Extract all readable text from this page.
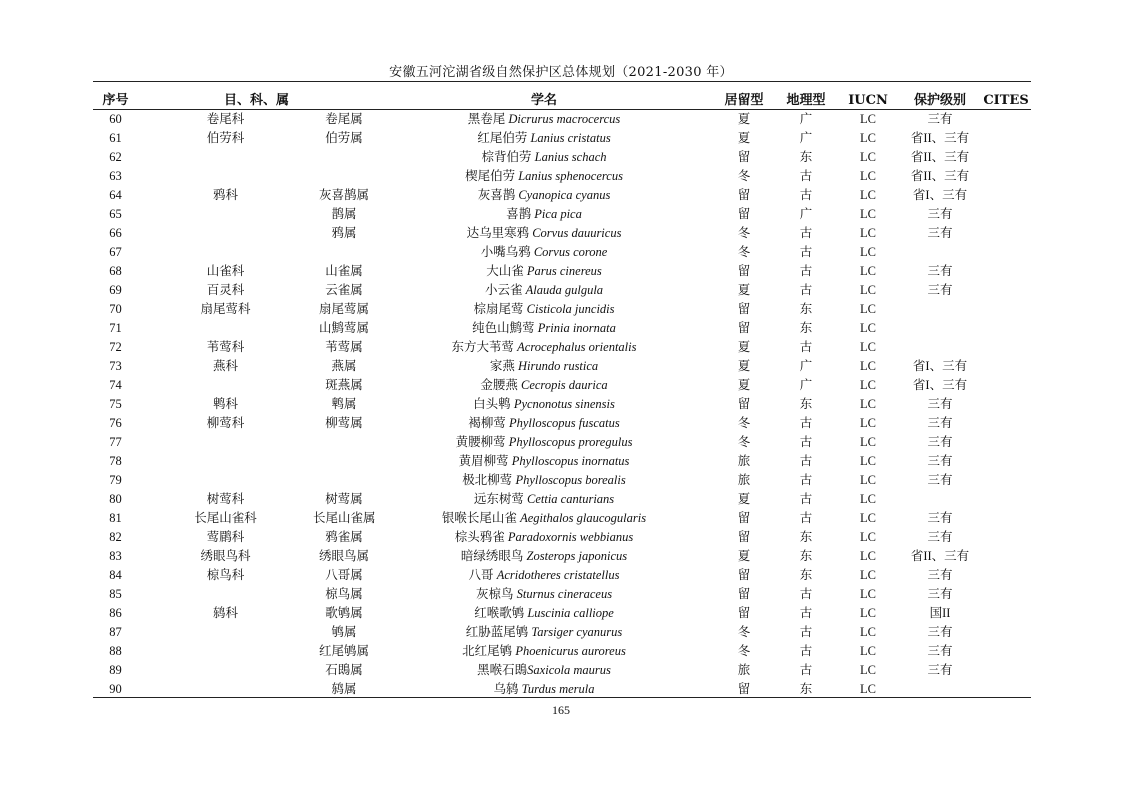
安徽五河沱湖省级自然保护区总体规划（2021-2030 年）
序号	目、科、属		学名	居留型	地理型	IUCN	保护级别	CITES
60	卷尾科	卷尾属	黑卷尾 Dicrurus macrocercus	夏	广	LC	三有	
61	伯劳科	伯劳属	红尾伯劳 Lanius cristatus	夏	广	LC	省II、三有	
62			棕背伯劳 Lanius schach	留	东	LC	省II、三有	
63			楔尾伯劳 Lanius sphenocercus	冬	古	LC	省II、三有	
64	鸦科	灰喜鹊属	灰喜鹊 Cyanopica cyanus	留	古	LC	省I、三有	
65		鹊属	喜鹊 Pica pica	留	广	LC	三有	
66		鸦属	达乌里寒鸦 Corvus dauuricus	冬	古	LC	三有	
67			小嘴乌鸦 Corvus corone	冬	古	LC		
68	山雀科	山雀属	大山雀 Parus cinereus	留	古	LC	三有	
69	百灵科	云雀属	小云雀 Alauda gulgula	夏	古	LC	三有	
70	扇尾莺科	扇尾莺属	棕扇尾莺 Cisticola juncidis	留	东	LC		
71		山鹪莺属	纯色山鹪莺 Prinia inornata	留	东	LC		
72	苇莺科	苇莺属	东方大苇莺 Acrocephalus orientalis	夏	古	LC		
73	燕科	燕属	家燕 Hirundo rustica	夏	广	LC	省I、三有	
74		斑燕属	金腰燕 Cecropis daurica	夏	广	LC	省I、三有	
75	鹎科	鹎属	白头鹎 Pycnonotus sinensis	留	东	LC	三有	
76	柳莺科	柳莺属	褐柳莺 Phylloscopus fuscatus	冬	古	LC	三有	
77			黄腰柳莺 Phylloscopus proregulus	冬	古	LC	三有	
78			黄眉柳莺 Phylloscopus inornatus	旅	古	LC	三有	
79			极北柳莺 Phylloscopus borealis	旅	古	LC	三有	
80	树莺科	树莺属	远东树莺 Cettia canturians	夏	古	LC		
81	长尾山雀科	长尾山雀属	银喉长尾山雀 Aegithalos glaucogularis	留	古	LC	三有	
82	莺鹛科	鸦雀属	棕头鸦雀 Paradoxornis webbianus	留	东	LC	三有	
83	绣眼鸟科	绣眼鸟属	暗绿绣眼鸟 Zosterops japonicus	夏	东	LC	省II、三有	
84	椋鸟科	八哥属	八哥 Acridotheres cristatellus	留	东	LC	三有	
85		椋鸟属	灰椋鸟 Sturnus cineraceus	留	古	LC	三有	
86	鸫科	歌鸲属	红喉歌鸲 Luscinia calliope	留	古	LC	国II	
87		鸲属	红胁蓝尾鸲 Tarsiger cyanurus	冬	古	LC	三有	
88		红尾鸲属	北红尾鸲 Phoenicurus auroreus	冬	古	LC	三有	
89		石鵖属	黑喉石鵖Saxicola maurus	旅	古	LC	三有	
90		鸫属	乌鸫 Turdus merula	留	东	LC		
165
